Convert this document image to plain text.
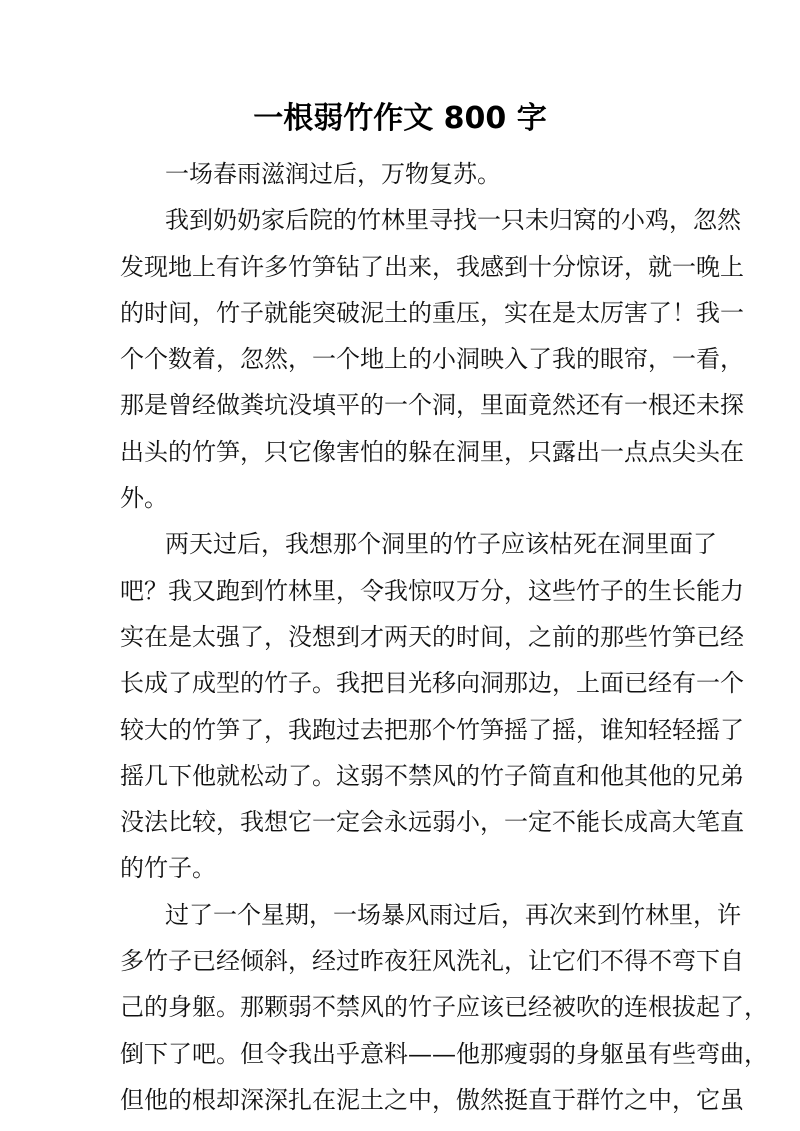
一根弱竹作文 800 字
一场春雨滋润过后，万物复苏。
我到奶奶家后院的竹林里寻找一只未归窝的小鸡，忽然
发现地上有许多竹笋钻了出来，我感到十分惊讶，就一晚上
的时间，竹子就能突破泥土的重压，实在是太厉害了！我一
个个数着，忽然，一个地上的小洞映入了我的眼帘，一看，
那是曾经做粪坑没填平的一个洞，里面竟然还有一根还未探
出头的竹笋，只它像害怕的躲在洞里，只露出一点点尖头在
外。
两天过后，我想那个洞里的竹子应该枯死在洞里面了
吧？我又跑到竹林里，令我惊叹万分，这些竹子的生长能力
实在是太强了，没想到才两天的时间，之前的那些竹笋已经
长成了成型的竹子。我把目光移向洞那边，上面已经有一个
较大的竹笋了，我跑过去把那个竹笋摇了摇，谁知轻轻摇了
摇几下他就松动了。这弱不禁风的竹子简直和他其他的兄弟
没法比较，我想它一定会永远弱小，一定不能长成高大笔直
的竹子。
过了一个星期，一场暴风雨过后，再次来到竹林里，许
多竹子已经倾斜，经过昨夜狂风洗礼，让它们不得不弯下自
己的身躯。那颗弱不禁风的竹子应该已经被吹的连根拔起了，
倒下了吧。但令我出乎意料——他那瘦弱的身躯虽有些弯曲，
但他的根却深深扎在泥土之中，傲然挺直于群竹之中，它虽
